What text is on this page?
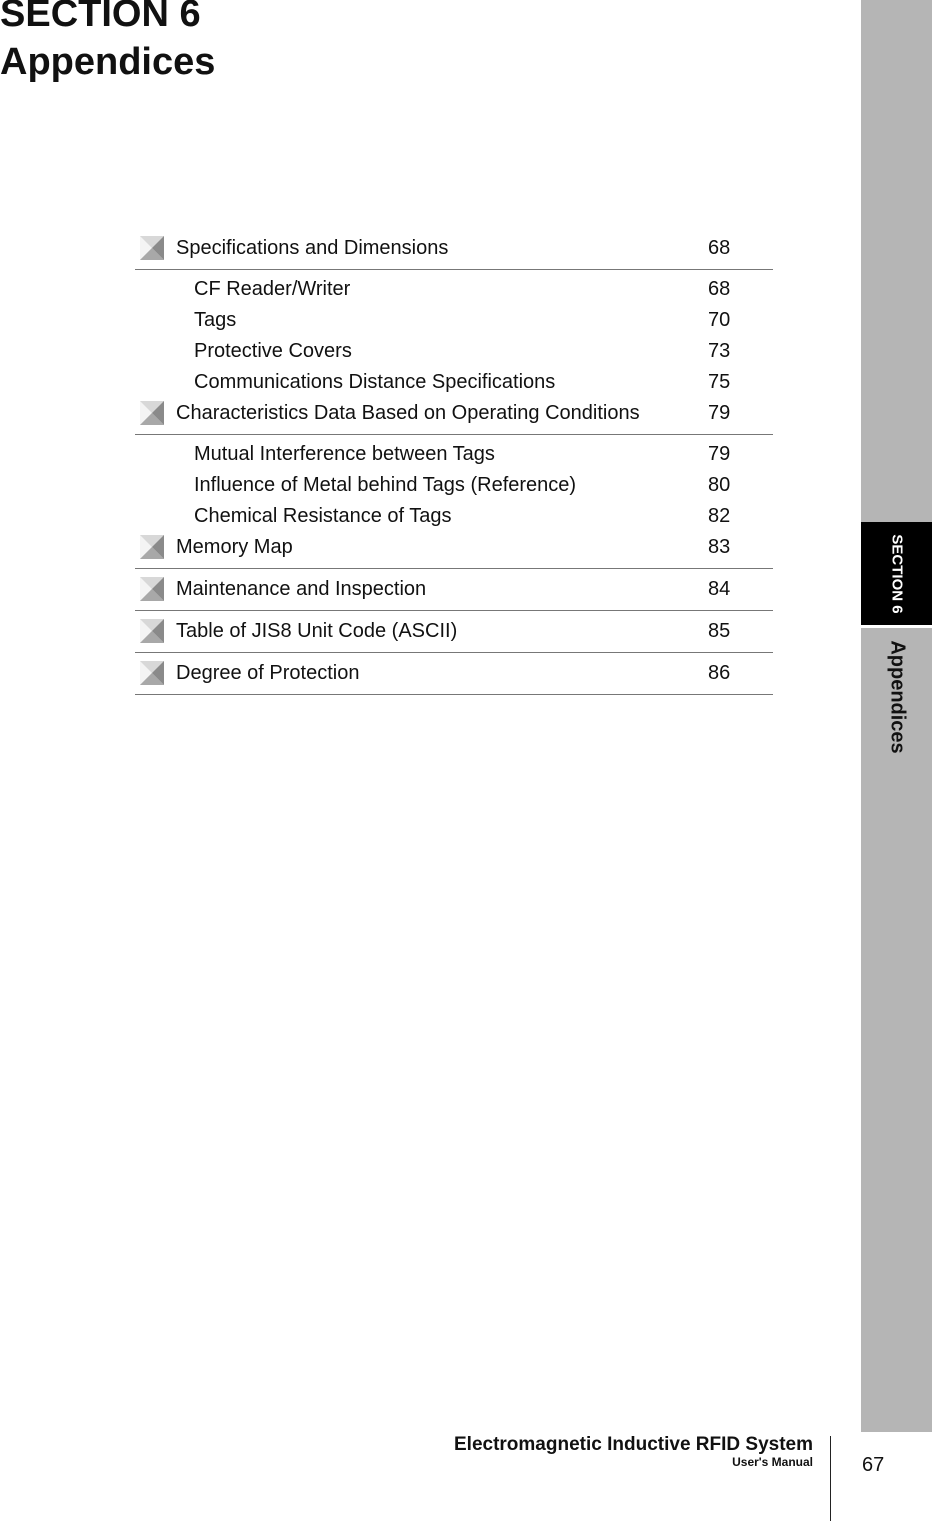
SECTION 6
Appendices
SECTION 6
Appendices
Specifications and Dimensions	68
CF Reader/Writer	68
Tags	70
Protective Covers	73
Communications Distance Specifications	75
Characteristics Data Based on Operating Conditions	79
Mutual Interference between Tags	79
Influence of Metal behind Tags (Reference)	80
Chemical Resistance of Tags	82
Memory Map	83
Maintenance and Inspection	84
Table of JIS8 Unit Code (ASCII)	85
Degree of Protection	86
Electromagnetic Inductive RFID System
User's Manual 67
